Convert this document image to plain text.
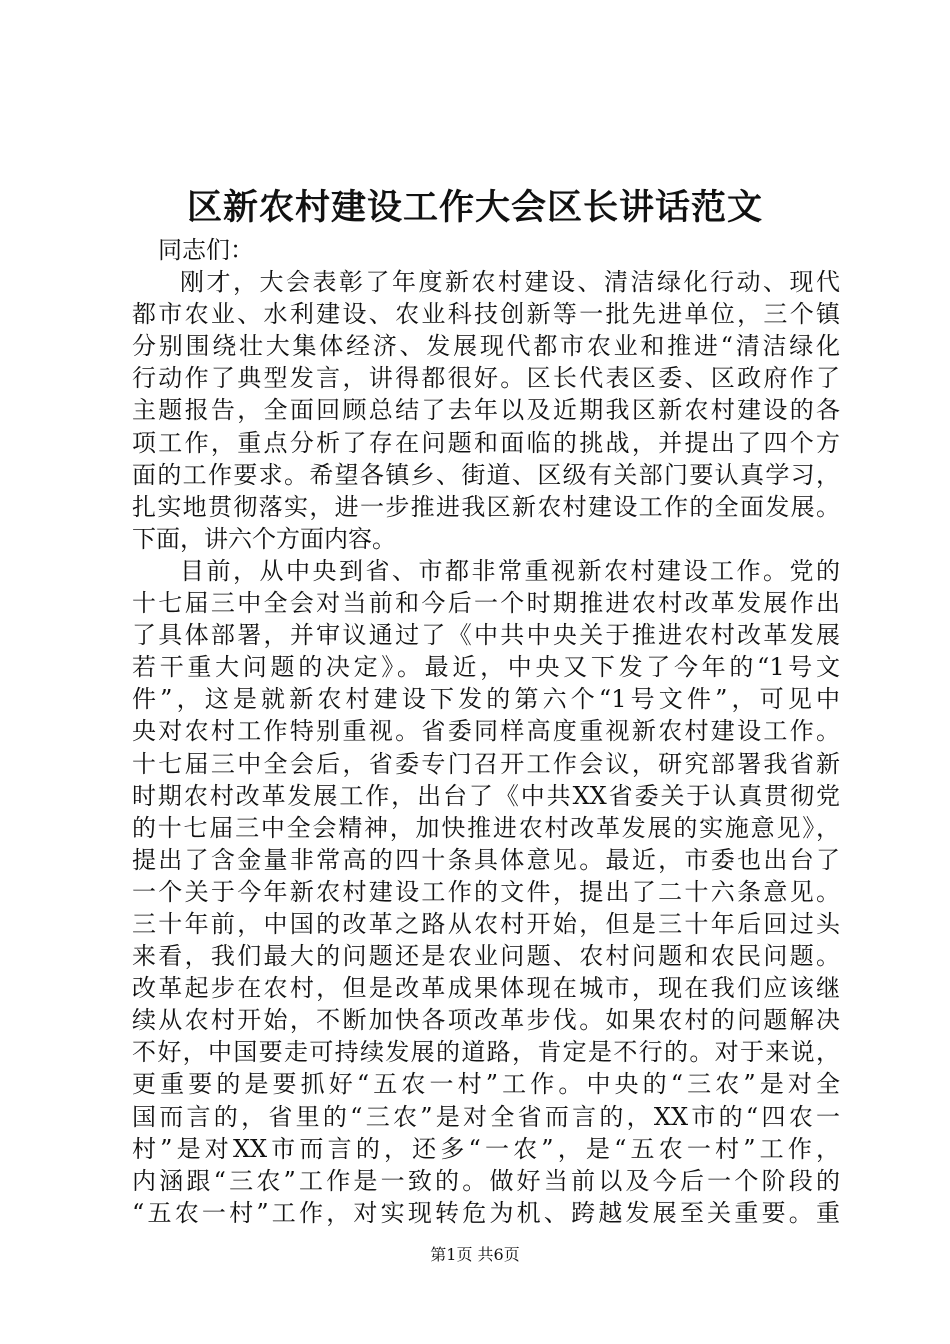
区新农村建设工作大会区长讲话范文
同志们：
刚才，大会表彰了年度新农村建设、清洁绿化行动、现代
都市农业、水利建设、农业科技创新等一批先进单位，三个镇
分别围绕壮大集体经济、发展现代都市农业和推进“清洁绿化
行动作了典型发言，讲得都很好。区长代表区委、区政府作了
主题报告，全面回顾总结了去年以及近期我区新农村建设的各
项工作，重点分析了存在问题和面临的挑战，并提出了四个方
面的工作要求。希望各镇乡、街道、区级有关部门要认真学习，
扎实地贯彻落实，进一步推进我区新农村建设工作的全面发展。
下面，讲六个方面内容。
目前，从中央到省、市都非常重视新农村建设工作。党的
十七届三中全会对当前和今后一个时期推进农村改革发展作出
了具体部署，并审议通过了《中共中央关于推进农村改革发展
若干重大问题的决定》。最近，中央又下发了今年的“1号文
件”，这是就新农村建设下发的第六个“1号文件”，可见中
央对农村工作特别重视。省委同样高度重视新农村建设工作。
十七届三中全会后，省委专门召开工作会议，研究部署我省新
时期农村改革发展工作，出台了《中共XX省委关于认真贯彻党
的十七届三中全会精神，加快推进农村改革发展的实施意见》，
提出了含金量非常高的四十条具体意见。最近，市委也出台了
一个关于今年新农村建设工作的文件，提出了二十六条意见。
三十年前，中国的改革之路从农村开始，但是三十年后回过头
来看，我们最大的问题还是农业问题、农村问题和农民问题。
改革起步在农村，但是改革成果体现在城市，现在我们应该继
续从农村开始，不断加快各项改革步伐。如果农村的问题解决
不好，中国要走可持续发展的道路，肯定是不行的。对于来说，
更重要的是要抓好“五农一村”工作。中央的“三农”是对全
国而言的，省里的“三农”是对全省而言的，XX市的“四农一
村”是对XX市而言的，还多“一农”，是“五农一村”工作，
内涵跟“三农”工作是一致的。做好当前以及今后一个阶段的
“五农一村”工作，对实现转危为机、跨越发展至关重要。重
第1页 共6页
